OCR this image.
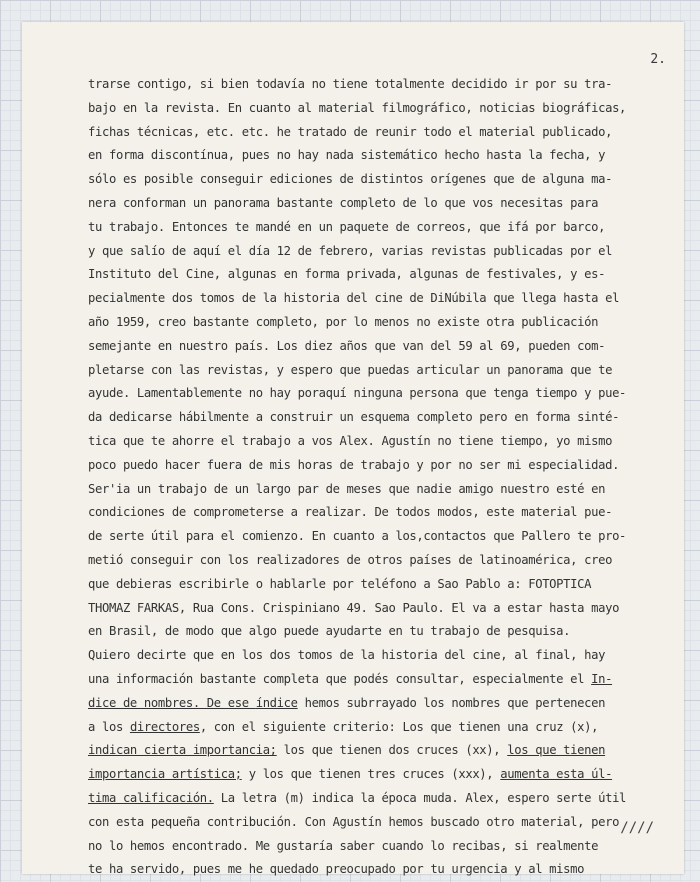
2.
trarse contigo, si bien todavía no tiene totalmente decidido ir por su tra-
bajo en la revista. En cuanto al material filmográfico, noticias biográficas,
fichas técnicas, etc. etc. he tratado de reunir todo el material publicado,
en forma discontínua, pues no hay nada sistemático hecho hasta la fecha, y
sólo es posible conseguir ediciones de distintos orígenes que de alguna ma-
nera conforman un panorama bastante completo de lo que vos necesitas para
tu trabajo. Entonces te mandé en un paquete de correos, que ifá por barco,
y que salío de aquí el día 12 de febrero, varias revistas publicadas por el
Instituto del Cine, algunas en forma privada, algunas de festivales, y es-
pecialmente dos tomos de la historia del cine de DiNúbila que llega hasta el
año 1959, creo bastante completo, por lo menos no existe otra publicación
semejante en nuestro país. Los diez años que van del 59 al 69, pueden com-
pletarse con las revistas, y espero que puedas articular un panorama que te
ayude. Lamentablemente no hay poraquí ninguna persona que tenga tiempo y pue-
da dedicarse hábilmente a construir un esquema completo pero en forma sinté-
tica que te ahorre el trabajo a vos Alex. Agustín no tiene tiempo, yo mismo
poco puedo hacer fuera de mis horas de trabajo y por no ser mi especialidad.
Ser'ia un trabajo de un largo par de meses que nadie amigo nuestro esté en
condiciones de comprometerse a realizar. De todos modos, este material pue-
de serte útil para el comienzo. En cuanto a los,contactos que Pallero te pro-
metió conseguir con los realizadores de otros países de latinoamérica, creo
que debieras escribirle o hablarle por teléfono a Sao Pablo a: FOTOPTICA
THOMAZ FARKAS, Rua Cons. Crispiniano 49. Sao Paulo. El va a estar hasta mayo
en Brasil, de modo que algo puede ayudarte en tu trabajo de pesquisa.
Quiero decirte que en los dos tomos de la historia del cine, al final, hay
una información bastante completa que podés consultar, especialmente el In-
dice de nombres. De ese índice hemos subrrayado los nombres que pertenecen
a los directores, con el siguiente criterio: Los que tienen una cruz (x),
indican cierta importancia; los que tienen dos cruces (xx), los que tienen
importancia artística; y los que tienen tres cruces (xxx), aumenta esta úl-
tima calificación. La letra (m) indica la época muda. Alex, espero serte útil
con esta pequeña contribución. Con Agustín hemos buscado otro material, pero
no lo hemos encontrado. Me gustaría saber cuando lo recibas, si realmente
te ha servido, pues me he quedado preocupado por tu urgencia y al mismo
////
